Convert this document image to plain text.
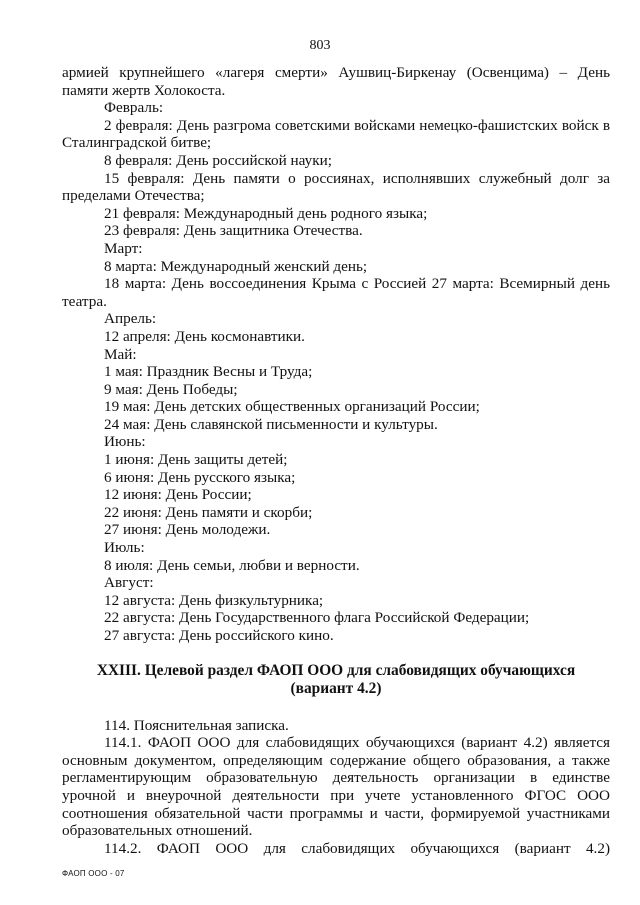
803

армией крупнейшего «лагеря смерти» Аушвиц-Биркенау (Освенцима) – День памяти жертв Холокоста.

Февраль:

2 февраля: День разгрома советскими войсками немецко-фашистских войск в Сталинградской битве;

8 февраля: День российской науки;

15 февраля: День памяти о россиянах, исполнявших служебный долг за пределами Отечества;

21 февраля: Международный день родного языка;

23 февраля: День защитника Отечества.

Март:

8 марта: Международный женский день;

18 марта: День воссоединения Крыма с Россией 27 марта: Всемирный день театра.

Апрель:

12 апреля: День космонавтики.

Май:

1 мая: Праздник Весны и Труда;

9 мая: День Победы;

19 мая: День детских общественных организаций России;

24 мая: День славянской письменности и культуры.

Июнь:

1 июня: День защиты детей;

6 июня: День русского языка;

12 июня: День России;

22 июня: День памяти и скорби;

27 июня: День молодежи.

Июль:

8 июля: День семьи, любви и верности.

Август:

12 августа: День физкультурника;

22 августа: День Государственного флага Российской Федерации;

27 августа: День российского кино.

XXIII. Целевой раздел ФАОП ООО для слабовидящих обучающихся
(вариант 4.2)

114. Пояснительная записка.

114.1. ФАОП ООО для слабовидящих обучающихся (вариант 4.2) является основным документом, определяющим содержание общего образования, а также регламентирующим образовательную деятельность организации в единстве урочной и внеурочной деятельности при учете установленного ФГОС ООО соотношения обязательной части программы и части, формируемой участниками образовательных отношений.

114.2. ФАОП ООО для слабовидящих обучающихся (вариант 4.2)

ФАОП ООО - 07
